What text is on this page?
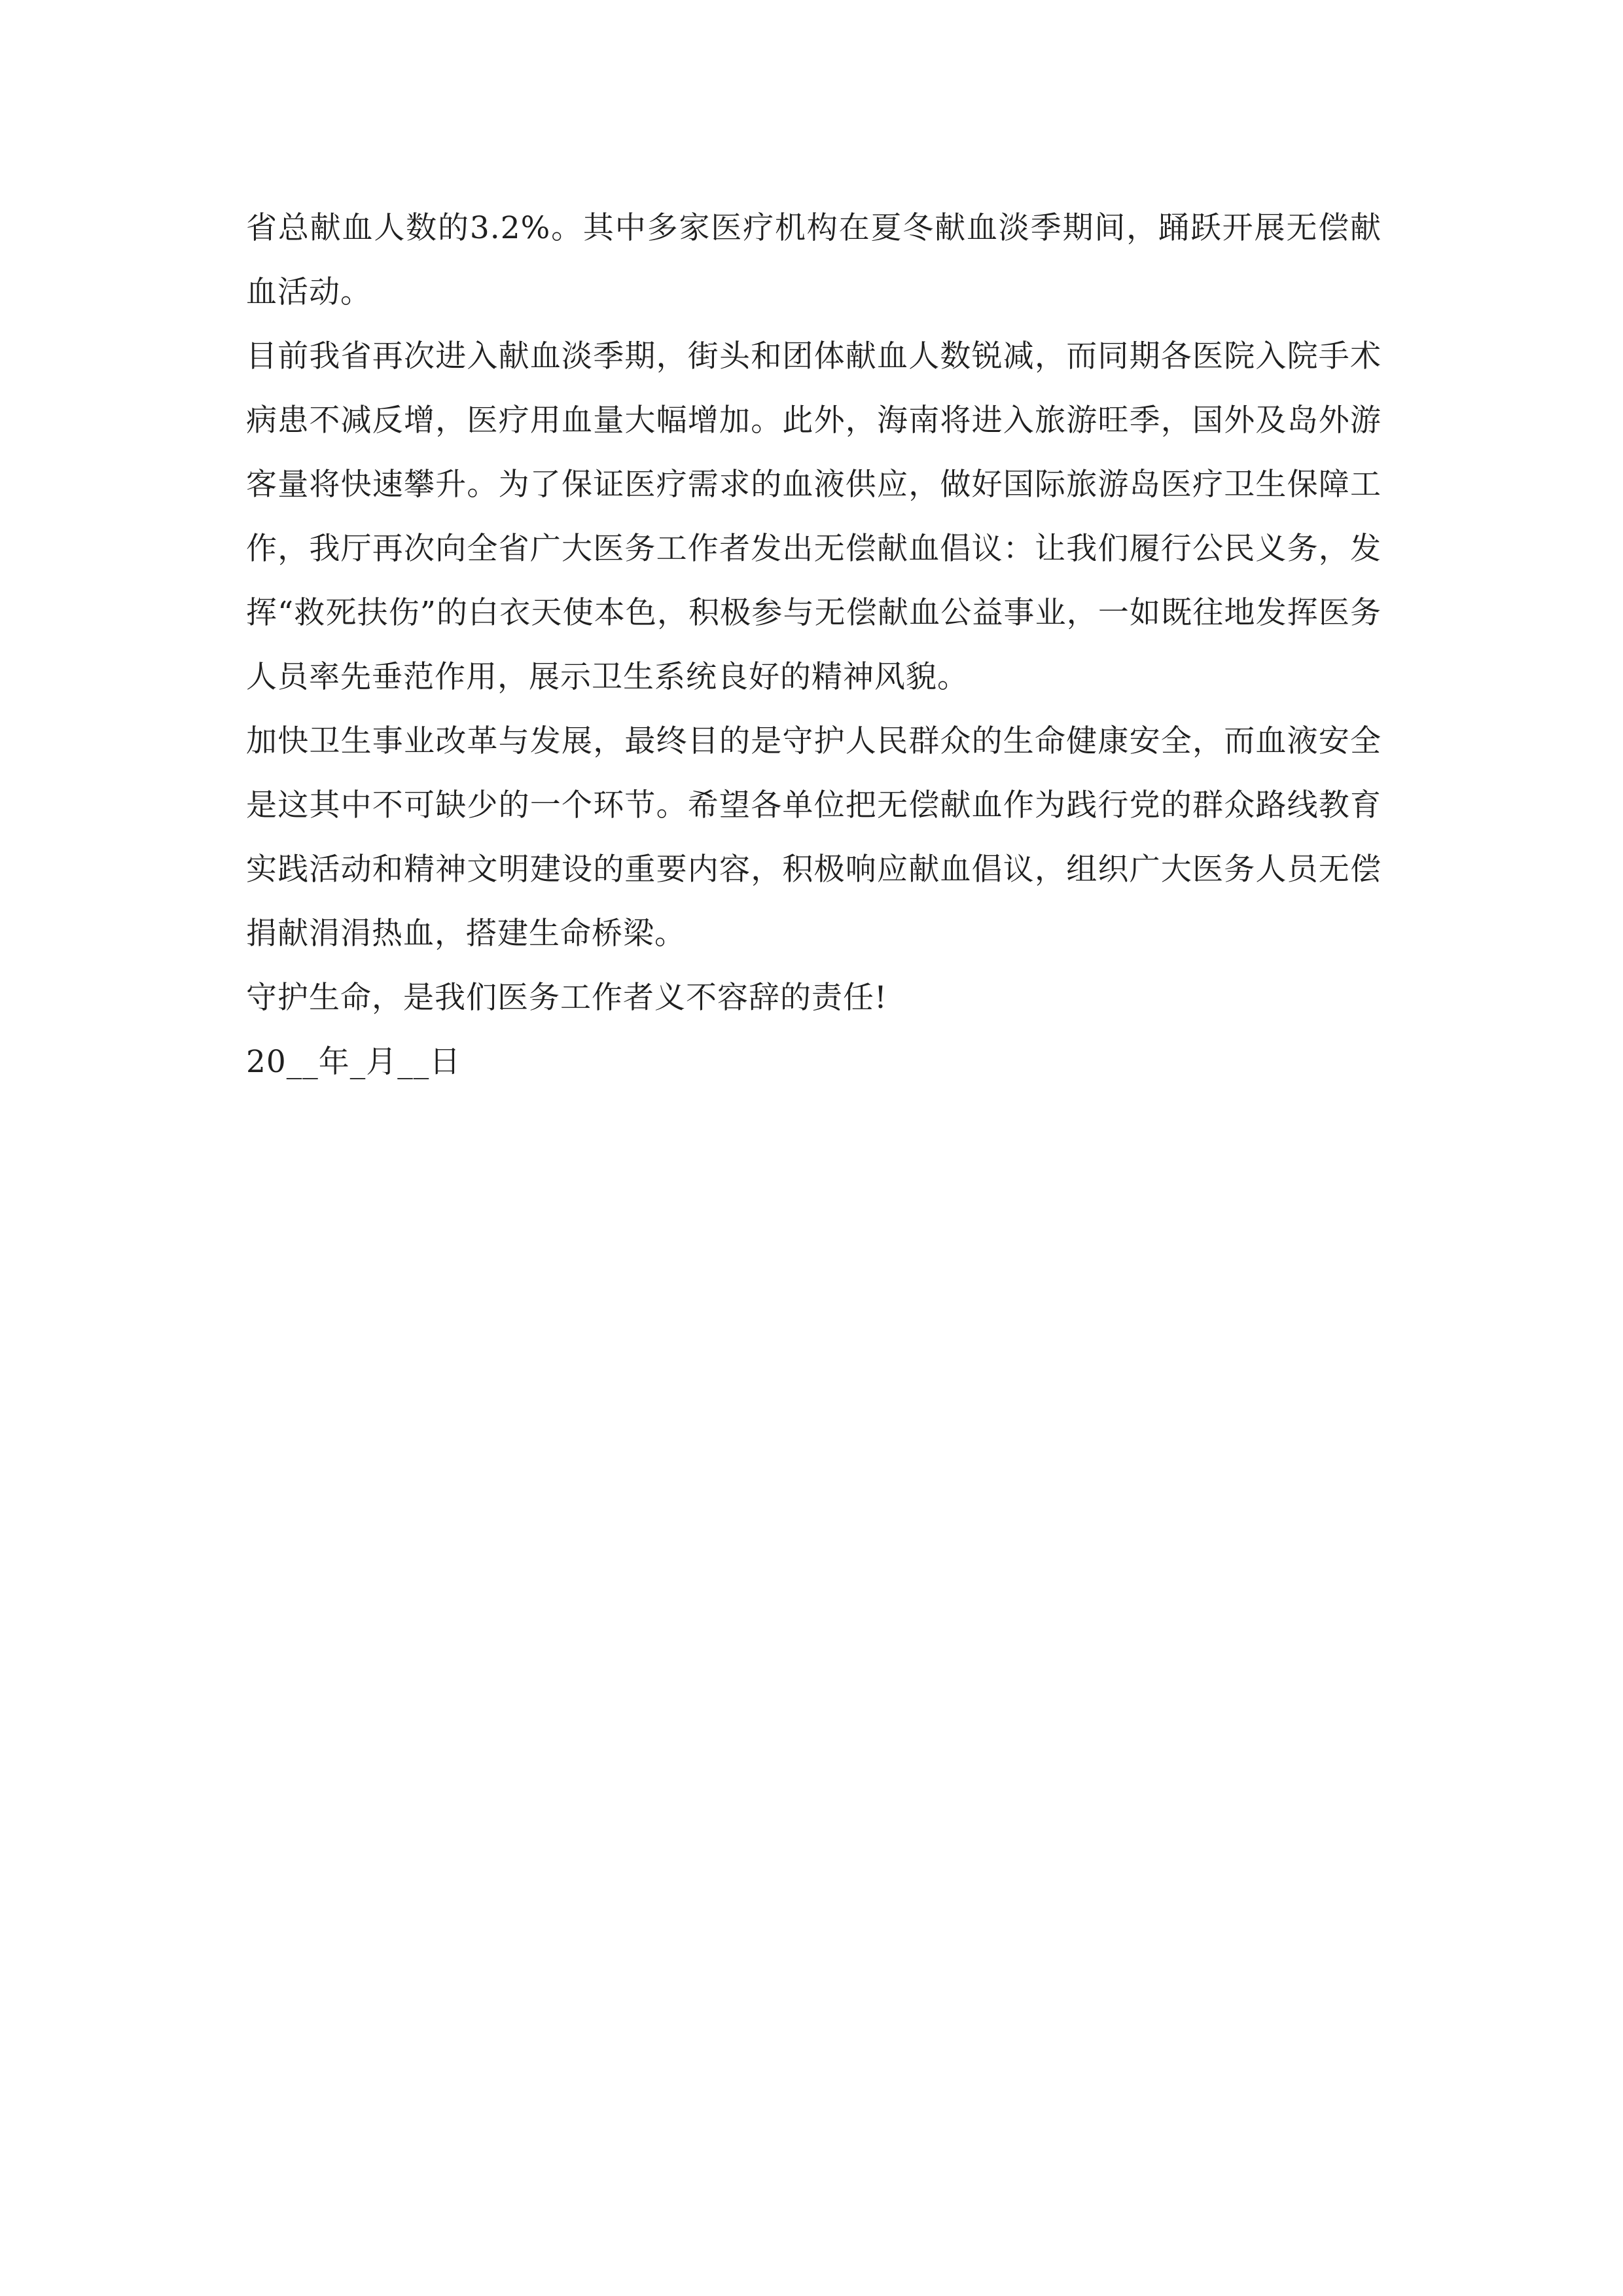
省总献血人数的3.2%。其中多家医疗机构在夏冬献血淡季期间，踊跃开展无偿献血活动。

目前我省再次进入献血淡季期，街头和团体献血人数锐减，而同期各医院入院手术病患不减反增，医疗用血量大幅增加。此外，海南将进入旅游旺季，国外及岛外游客量将快速攀升。为了保证医疗需求的血液供应，做好国际旅游岛医疗卫生保障工作，我厅再次向全省广大医务工作者发出无偿献血倡议：让我们履行公民义务，发挥“救死扶伤”的白衣天使本色，积极参与无偿献血公益事业，一如既往地发挥医务人员率先垂范作用，展示卫生系统良好的精神风貌。

加快卫生事业改革与发展，最终目的是守护人民群众的生命健康安全，而血液安全是这其中不可缺少的一个环节。希望各单位把无偿献血作为践行党的群众路线教育实践活动和精神文明建设的重要内容，积极响应献血倡议，组织广大医务人员无偿捐献涓涓热血，搭建生命桥梁。

守护生命，是我们医务工作者义不容辞的责任!

20__年_月__日
